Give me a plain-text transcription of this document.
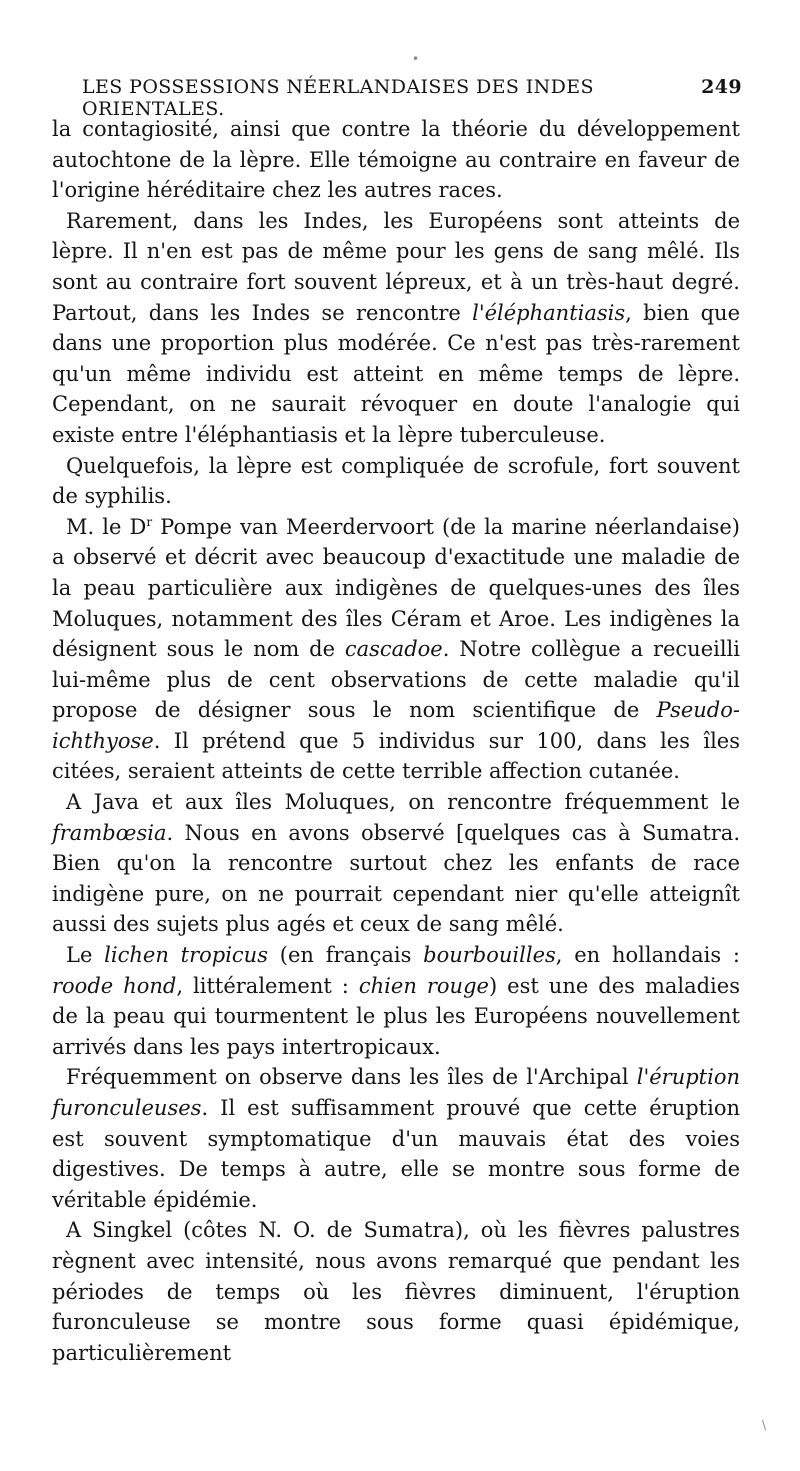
•
LES POSSESSIONS NÉERLANDAISES DES INDES ORIENTALES.
249

la contagiosité, ainsi que contre la théorie du développement autochtone de la lèpre. Elle témoigne au contraire en faveur de l'origine héréditaire chez les autres races.

Rarement, dans les Indes, les Européens sont atteints de lèpre. Il n'en est pas de même pour les gens de sang mêlé. Ils sont au contraire fort souvent lépreux, et à un très-haut degré. Partout, dans les Indes se rencontre l'éléphantiasis, bien que dans une proportion plus modérée. Ce n'est pas très-rarement qu'un même individu est atteint en même temps de lèpre. Cependant, on ne saurait révoquer en doute l'analogie qui existe entre l'éléphantiasis et la lèpre tuberculeuse.

Quelquefois, la lèpre est compliquée de scrofule, fort souvent de syphilis.

M. le $D^r$ Pompe van Meerdervoort (de la marine néerlandaise) a observé et décrit avec beaucoup d'exactitude une maladie de la peau particulière aux indigènes de quelques-unes des îles Moluques, notamment des îles Céram et Aroe. Les indigènes la désignent sous le nom de cascadoe. Notre collègue a recueilli lui-même plus de cent observations de cette maladie qu'il propose de désigner sous le nom scientifique de Pseudo-ichthyose. Il prétend que 5 individus sur 100, dans les îles citées, seraient atteints de cette terrible affection cutanée.

A Java et aux îles Moluques, on rencontre fréquemment le frambœsia. Nous en avons observé [quelques cas à Sumatra. Bien qu'on la rencontre surtout chez les enfants de race indigène pure, on ne pourrait cependant nier qu'elle atteignît aussi des sujets plus agés et ceux de sang mêlé.

Le lichen tropicus (en français bourbouilles, en hollandais : roode hond, littéralement : chien rouge) est une des maladies de la peau qui tourmentent le plus les Européens nouvellement arrivés dans les pays intertropicaux.

Fréquemment on observe dans les îles de l'Archipal l'éruption furonculeuses. Il est suffisamment prouvé que cette éruption est souvent symptomatique d'un mauvais état des voies digestives. De temps à autre, elle se montre sous forme de véritable épidémie.

A Singkel (côtes N. O. de Sumatra), où les fièvres palustres règnent avec intensité, nous avons remarqué que pendant les périodes de temps où les fièvres diminuent, l'éruption furonculeuse se montre sous forme quasi épidémique, particulièrement

\
